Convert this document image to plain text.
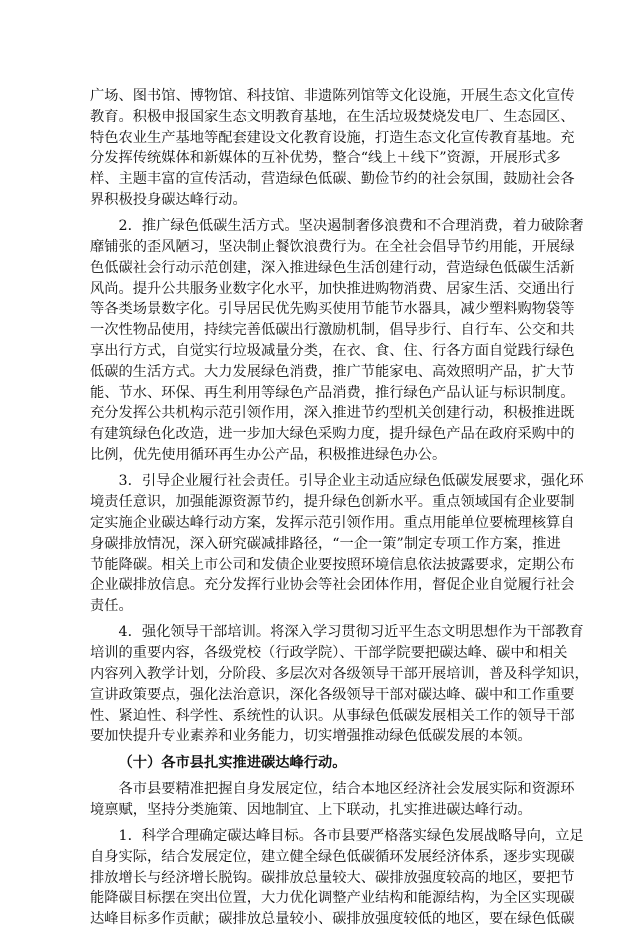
广场、图书馆、博物馆、科技馆、非遗陈列馆等文化设施，开展生态文化宣传
教育。积极申报国家生态文明教育基地，在生活垃圾焚烧发电厂、生态园区、
特色农业生产基地等配套建设文化教育设施，打造生态文化宣传教育基地。充
分发挥传统媒体和新媒体的互补优势，整合“线上＋线下”资源，开展形式多
样、主题丰富的宣传活动，营造绿色低碳、勤俭节约的社会氛围，鼓励社会各
界积极投身碳达峰行动。
2．推广绿色低碳生活方式。坚决遏制奢侈浪费和不合理消费，着力破除奢
靡铺张的歪风陋习，坚决制止餐饮浪费行为。在全社会倡导节约用能，开展绿
色低碳社会行动示范创建，深入推进绿色生活创建行动，营造绿色低碳生活新
风尚。提升公共服务业数字化水平，加快推进购物消费、居家生活、交通出行
等各类场景数字化。引导居民优先购买使用节能节水器具，减少塑料购物袋等
一次性物品使用，持续完善低碳出行激励机制，倡导步行、自行车、公交和共
享出行方式，自觉实行垃圾减量分类，在衣、食、住、行各方面自觉践行绿色
低碳的生活方式。大力发展绿色消费，推广节能家电、高效照明产品，扩大节
能、节水、环保、再生利用等绿色产品消费，推行绿色产品认证与标识制度。
充分发挥公共机构示范引领作用，深入推进节约型机关创建行动，积极推进既
有建筑绿色化改造，进一步加大绿色采购力度，提升绿色产品在政府采购中的
比例，优先使用循环再生办公产品，积极推进绿色办公。
3．引导企业履行社会责任。引导企业主动适应绿色低碳发展要求，强化环
境责任意识，加强能源资源节约，提升绿色创新水平。重点领域国有企业要制
定实施企业碳达峰行动方案，发挥示范引领作用。重点用能单位要梳理核算自
身碳排放情况，深入研究碳减排路径，“一企一策”制定专项工作方案，推进
节能降碳。相关上市公司和发债企业要按照环境信息依法披露要求，定期公布
企业碳排放信息。充分发挥行业协会等社会团体作用，督促企业自觉履行社会
责任。
4．强化领导干部培训。将深入学习贯彻习近平生态文明思想作为干部教育
培训的重要内容，各级党校（行政学院）、干部学院要把碳达峰、碳中和相关
内容列入教学计划，分阶段、多层次对各级领导干部开展培训，普及科学知识，
宣讲政策要点，强化法治意识，深化各级领导干部对碳达峰、碳中和工作重要
性、紧迫性、科学性、系统性的认识。从事绿色低碳发展相关工作的领导干部
要加快提升专业素养和业务能力，切实增强推动绿色低碳发展的本领。
（十）各市县扎实推进碳达峰行动。
各市县要精准把握自身发展定位，结合本地区经济社会发展实际和资源环
境禀赋，坚持分类施策、因地制宜、上下联动，扎实推进碳达峰行动。
1．科学合理确定碳达峰目标。各市县要严格落实绿色发展战略导向，立足
自身实际，结合发展定位，建立健全绿色低碳循环发展经济体系，逐步实现碳
排放增长与经济增长脱钩。碳排放总量较大、碳排放强度较高的地区，要把节
能降碳目标摆在突出位置，大力优化调整产业结构和能源结构，为全区实现碳
达峰目标多作贡献；碳排放总量较小、碳排放强度较低的地区，要在绿色低碳
